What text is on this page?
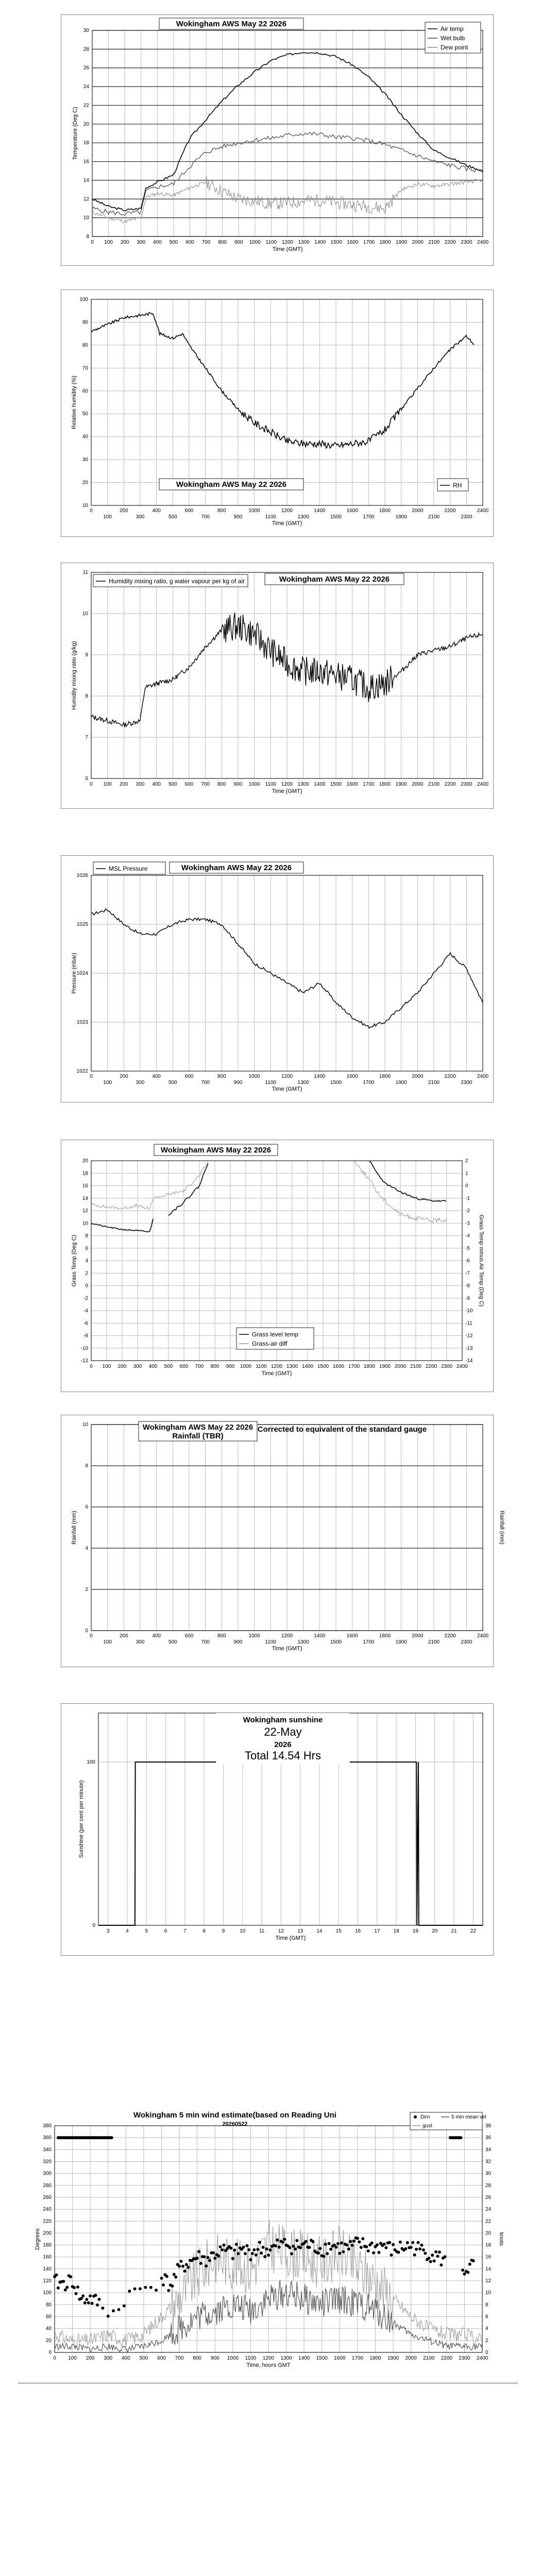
0 100 200 300 400 500 600 700 800 900 1000 1100 1200 1300 1400 1500 1600 1700 1800 1900 2000 2100 2200 2300 2400
8
10
12
14
16
18
20
22
24
26
28
30
Time (GMT)
Temperature (Deg C)
Wokingham AWS May 22 2026
Air temp
Wet bulb
Dew point
0	200	400	600	800	1000	1200	1400	1600	1800	2000	2200	2400
100	300	500	700	900	1100	1300	1500	1700	1900	2100	2300
10
20
30
40
50
60
70
80
90
100
Time (GMT)
Relative humidity (%)
Wokingham AWS May 22 2026	RH
0 100 200 300 400 500 600 700 800 900 1000 1100 1200 1300 1400 1500 1600 1700 1800 1900 2000 2100 2200 2300 2400
6
7
8
9
10
11
Time (GMT)
Humidity mixing ratio (g/kg)
Humidity mixing ratio, g water vapour per kg of air	Wokingham AWS May 22 2026
0	200	400	600	800	1000	1200	1400	1600	1800	2000	2200	2400
100	300	500	700	900	1100	1300	1500	1700	1900	2100	2300
1022
1023
1024
1025
1026
Time (GMT)
Pressure (mbar)
MSL Pressure	Wokingham AWS May 22 2026
0 100 200 300 400 500 600 700 800 900 1000 1100 1200 1300 1400 1500 1600 1700 1800 1900 2000 2100 2200 2300 2400
-12
-10
-8
-6
-4
-2
0
2
4
6
8
10
12
14
16
18
20
-14
-13
-12
-11
-10
-9
-8
-7
-6
-5
-4
-3
-2
-1
0
1
2
Time (GMT)
Grass Temp (Deg C)	Grass Temp minus Air Temp (Deg C)
Wokingham AWS May 22 2026
Grass level temp
Grass-air diff
0	200	400	600	800	1000	1200	1400	1600	1800	2000	2200	2400
100	300	500	700	900	1100	1300	1500	1700	1900	2100	2300
0
2
4
6
8
10
Time (GMT)
Rainfall (mm)	Rainfall (mm)
Wokingham AWS May 22 2026
Rainfall (TBR)
Corrected to equivalent of the standard gauge
3	4	5	6	7	8	9	10	11	12	13	14	15	16	17	18	19	20	21	22
0
100
Time (GMT)
Sunshine (per cent per minute)
Wokingham sunshine
22-May
2026
Total 14.54 Hrs
0 100 200 300 400 500 600 700 800 900 1000 1100 1200 1300 1400 1500 1600 1700 1800 1900 2000 2100 2200 2300 2400
0
20
40
60
80
100
120
140
160
180
200
220
240
260
280
300
320
340
360
380
0
2
4
6
8
10
12
14
16
18
20
22
24
26
28
30
32
34
36
38
Time, hours GMT
Degrees	knots
Wokingham 5 min wind estimate(based on Reading Uni
20260522
Dirn	5 min mean vel
gust
